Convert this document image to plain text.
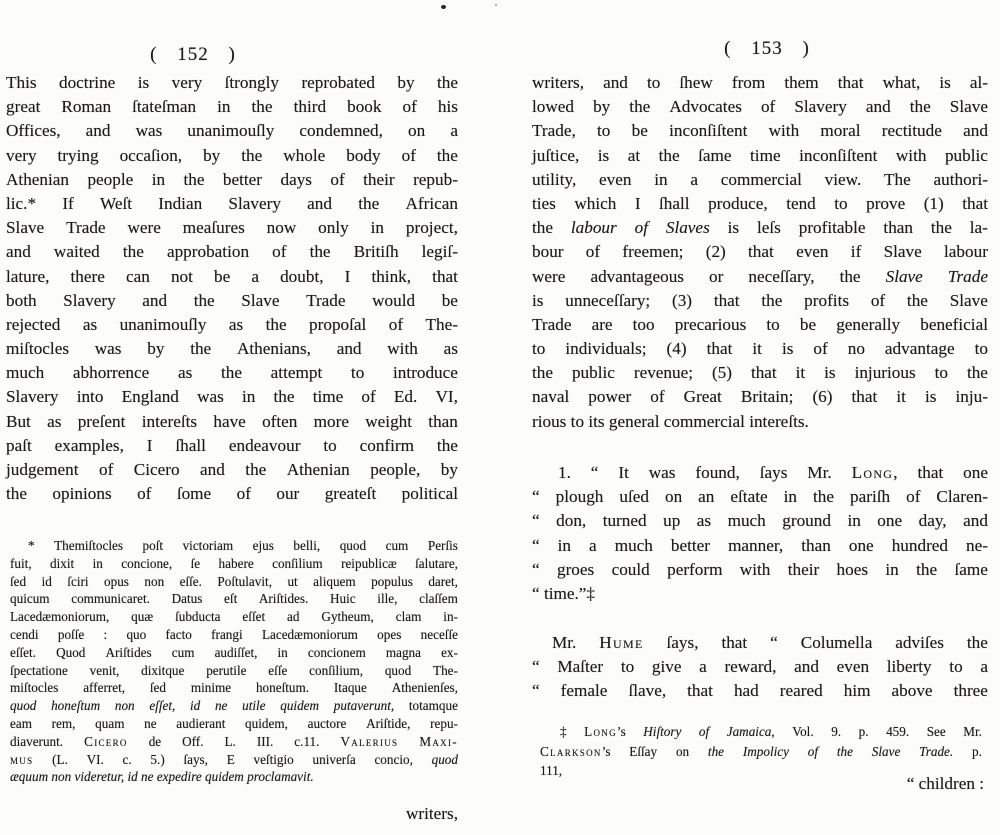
( 152 )
This doctrine is very ſtrongly reprobated by the
great Roman ſtateſman in the third book of his
Offices, and was unanimouſly condemned, on a
very trying occaſion, by the whole body of the
Athenian people in the better days of their repub-
lic.* If Weſt Indian Slavery and the African
Slave Trade were meaſures now only in project,
and waited the approbation of the Britiſh legiſ-
lature, there can not be a doubt, I think, that
both Slavery and the Slave Trade would be
rejected as unanimouſly as the propoſal of The-
miſtocles was by the Athenians, and with as
much abhorrence as the attempt to introduce
Slavery into England was in the time of Ed. VI,
But as preſent intereſts have often more weight than
paſt examples, I ſhall endeavour to confirm the
judgement of Cicero and the Athenian people, by
the opinions of ſome of our greateſt political
* Themiſtocles poſt victoriam ejus belli, quod cum Perſis
fuit, dixit in concione, ſe habere conſilium reipublicæ ſalutare,
ſed id ſciri opus non eſſe. Poſtulavit, ut aliquem populus daret,
quicum communicaret. Datus eſt Ariſtides. Huic ille, claſſem
Lacedæmoniorum, quæ ſubducta eſſet ad Gytheum, clam in-
cendi poſſe : quo facto frangi Lacedæmoniorum opes neceſſe
eſſet. Quod Ariſtides cum audiſſet, in concionem magna ex-
ſpectatione venit, dixitque perutile eſſe conſilium, quod The-
miſtocles afferret, ſed minime honeſtum. Itaque Athenienſes,
quod honeſtum non eſſet, id ne utile quidem putaverunt, totamque
eam rem, quam ne audierant quidem, auctore Ariſtide, repu-
diaverunt. Cicero de Off. L. III. c.11. Valerius Maxi-
mus (L. VI. c. 5.) ſays, E veſtigio univerſa concio, quod
æquum non videretur, id ne expedire quidem proclamavit.
writers,
( 153 )
writers, and to ſhew from them that what, is al-
lowed by the Advocates of Slavery and the Slave
Trade, to be inconſiſtent with moral rectitude and
juſtice, is at the ſame time inconſiſtent with public
utility, even in a commercial view. The authori-
ties which I ſhall produce, tend to prove (1) that
the labour of Slaves is leſs profitable than the la-
bour of freemen; (2) that even if Slave labour
were advantageous or neceſſary, the Slave Trade
is unneceſſary; (3) that the profits of the Slave
Trade are too precarious to be generally beneficial
to individuals; (4) that it is of no advantage to
the public revenue; (5) that it is injurious to the
naval power of Great Britain; (6) that it is inju-
rious to its general commercial intereſts.
1. “ It was found, ſays Mr. Long, that one
“ plough uſed on an eſtate in the pariſh of Claren-
“ don, turned up as much ground in one day, and
“ in a much better manner, than one hundred ne-
“ groes could perform with their hoes in the ſame
“ time.”‡
Mr. Hume ſays, that “ Columella adviſes the
“ Maſter to give a reward, and even liberty to a
“ female ſlave, that had reared him above three
‡ Long’s Hiſtory of Jamaica, Vol. 9. p. 459. See Mr.
Clarkson’s Eſſay on the Impolicy of the Slave Trade. p.
111,
“ children :
